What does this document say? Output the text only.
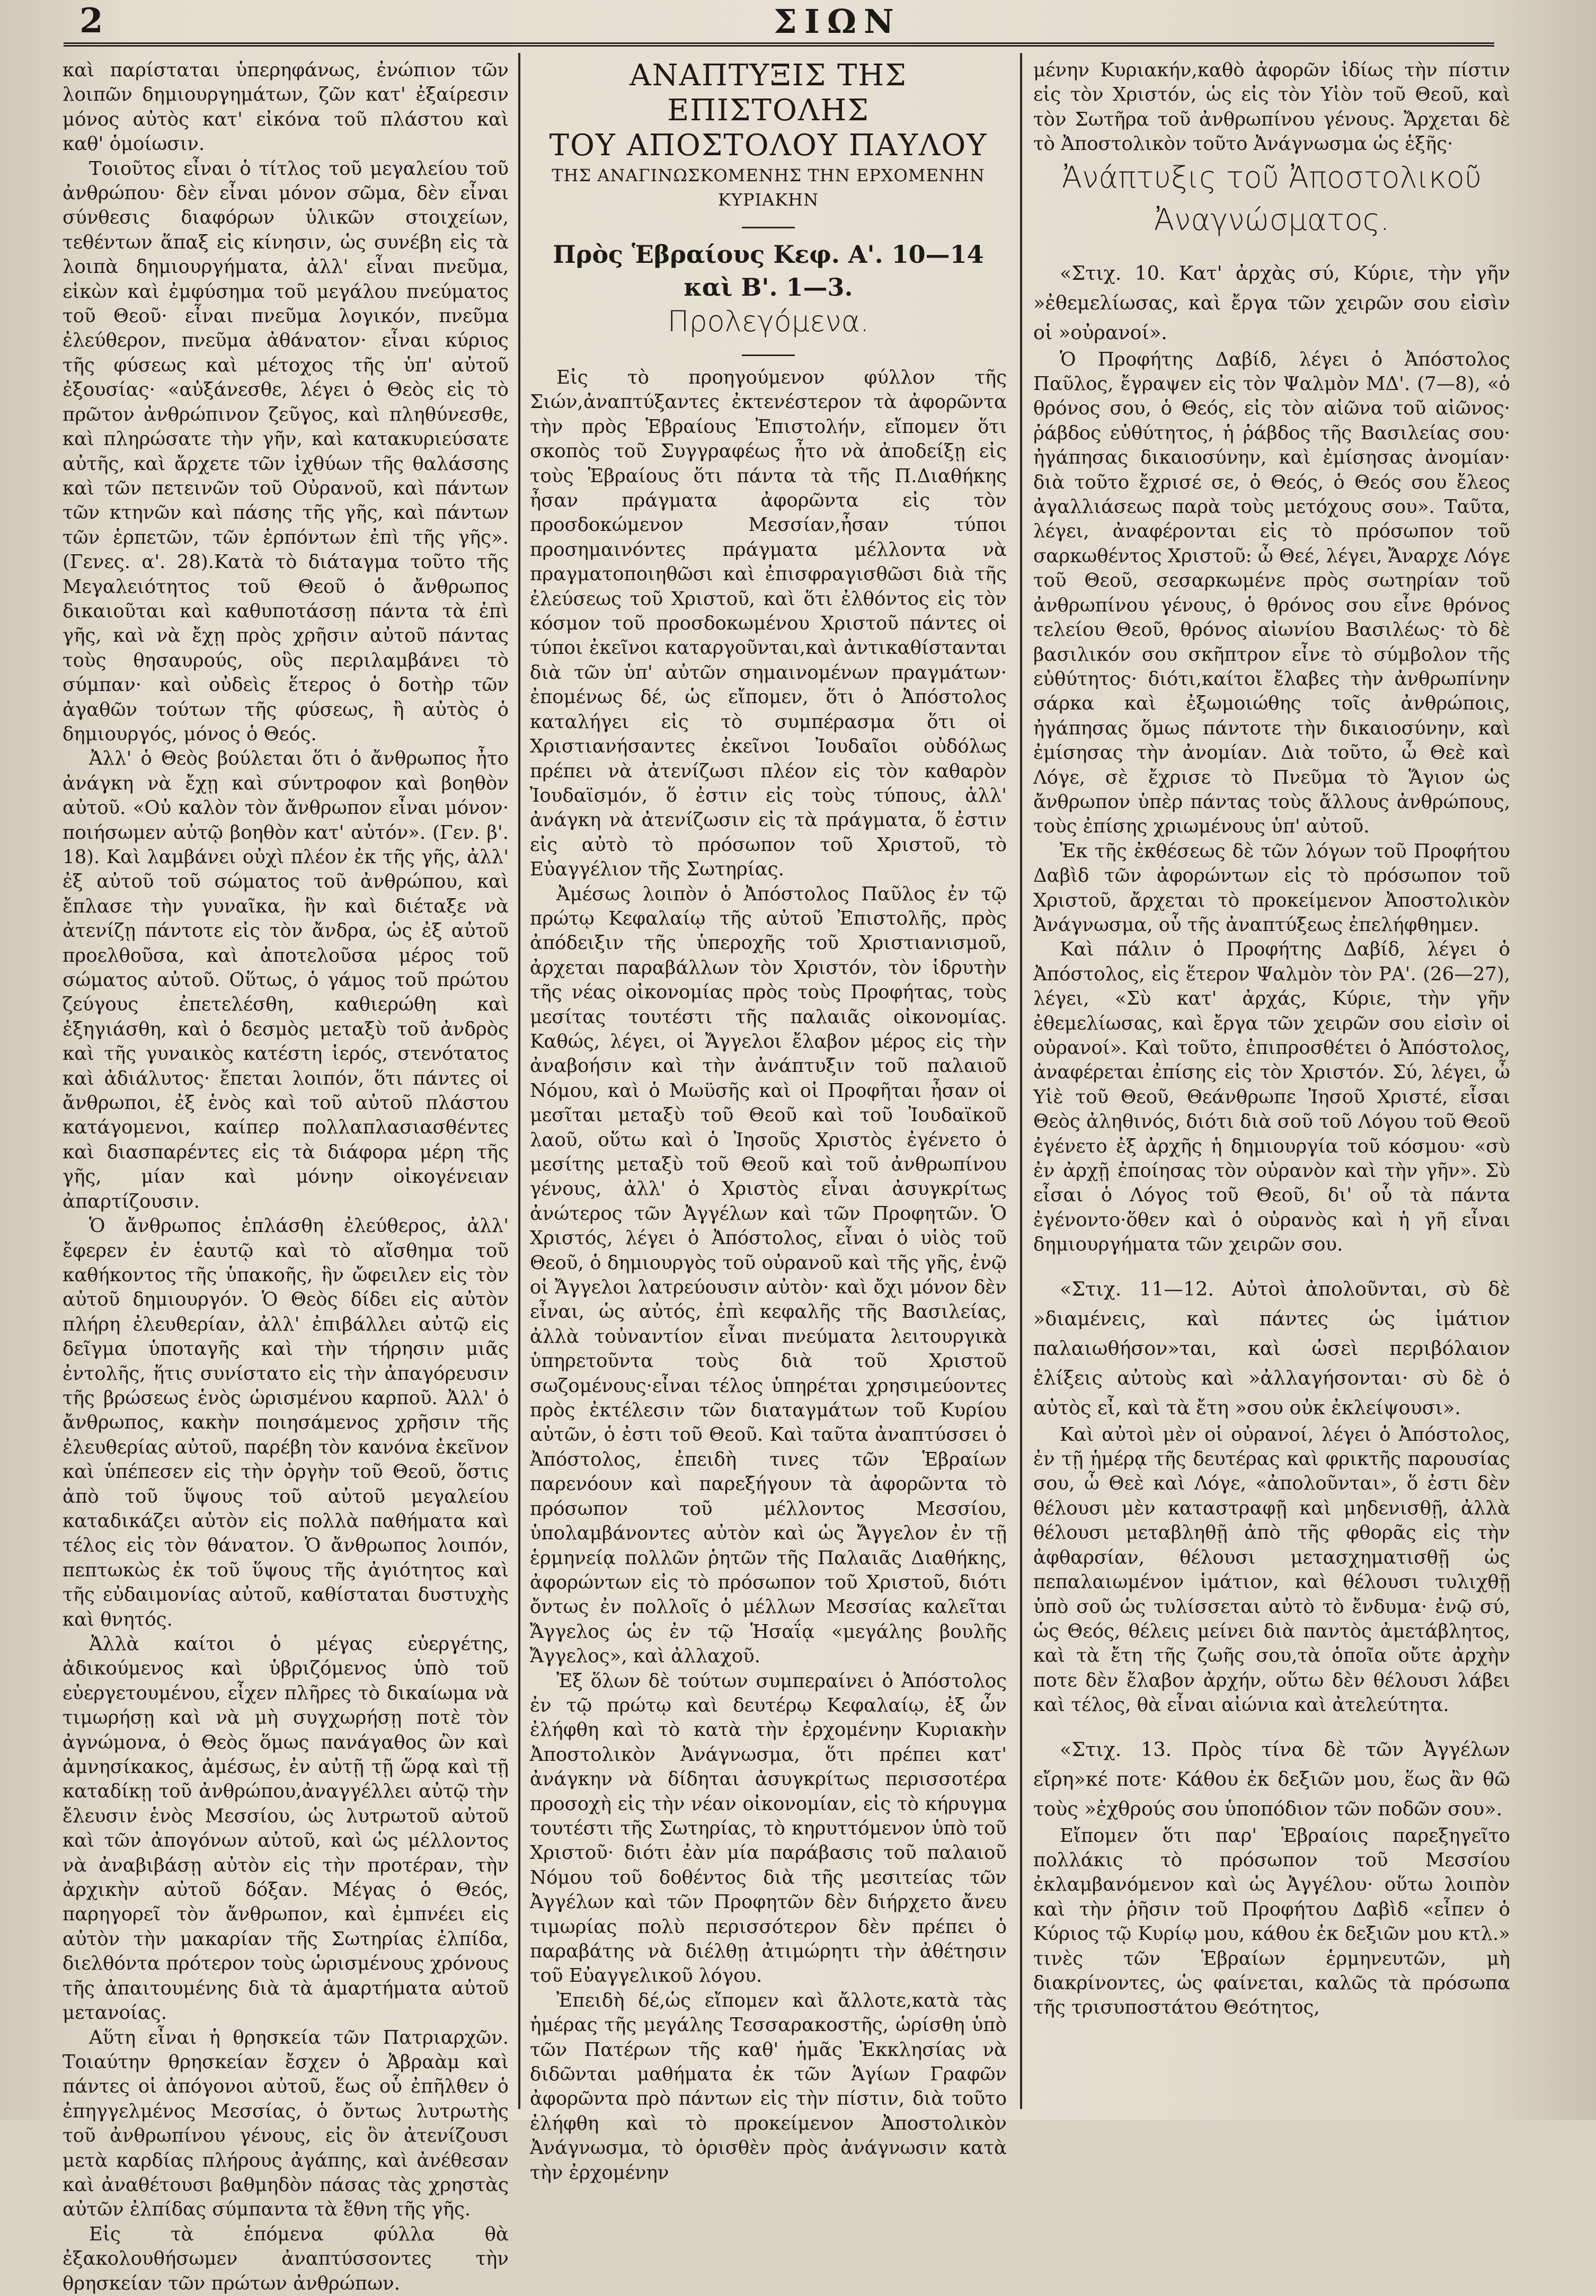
2	ΣΙΩΝ

καὶ παρίσταται ὑπερηφάνως, ἐνώπιον τῶν λοιπῶν δημιουργημάτων, ζῶν κατ' ἐξαίρεσιν μόνος αὐτὸς κατ' εἰκόνα τοῦ πλάστου καὶ καθ' ὁμοίωσιν.

Τοιοῦτος εἶναι ὁ τίτλος τοῦ μεγαλείου τοῦ ἀνθρώπου· δὲν εἶναι μόνον σῶμα, δὲν εἶναι σύνθεσις διαφόρων ὑλικῶν στοιχείων, τεθέντων ἅπαξ εἰς κίνησιν, ὡς συνέβη εἰς τὰ λοιπὰ δημιουργήματα, ἀλλ' εἶναι πνεῦμα, εἰκὼν καὶ ἐμφύσημα τοῦ μεγάλου πνεύματος τοῦ Θεοῦ· εἶναι πνεῦμα λογικόν, πνεῦμα ἐλεύθερον, πνεῦμα ἀθάνατον· εἶναι κύριος τῆς φύσεως καὶ μέτοχος τῆς ὑπ' αὐτοῦ ἐξουσίας· «αὐξάνεσθε, λέγει ὁ Θεὸς εἰς τὸ πρῶτον ἀνθρώπινον ζεῦγος, καὶ πληθύνεσθε, καὶ πληρώσατε τὴν γῆν, καὶ κατακυριεύσατε αὐτῆς, καὶ ἄρχετε τῶν ἰχθύων τῆς θαλάσσης καὶ τῶν πετεινῶν τοῦ Οὐρανοῦ, καὶ πάντων τῶν κτηνῶν καὶ πάσης τῆς γῆς, καὶ πάντων τῶν ἑρπετῶν, τῶν ἑρπόντων ἐπὶ τῆς γῆς». (Γενες. α'. 28).Κατὰ τὸ διάταγμα τοῦτο τῆς Μεγαλειότητος τοῦ Θεοῦ ὁ ἄνθρωπος δικαιοῦται καὶ καθυποτάσσῃ πάντα τὰ ἐπὶ γῆς, καὶ νὰ ἔχῃ πρὸς χρῆσιν αὐτοῦ πάντας τοὺς θησαυρούς, οὓς περιλαμβάνει τὸ σύμπαν· καὶ οὐδεὶς ἕτερος ὁ δοτὴρ τῶν ἀγαθῶν τούτων τῆς φύσεως, ἢ αὐτὸς ὁ δημιουργός, μόνος ὁ Θεός.

Ἀλλ' ὁ Θεὸς βούλεται ὅτι ὁ ἄνθρωπος ἦτο ἀνάγκη νὰ ἔχῃ καὶ σύντροφον καὶ βοηθὸν αὐτοῦ. «Οὐ καλὸν τὸν ἄνθρωπον εἶναι μόνον· ποιήσωμεν αὐτῷ βοηθὸν κατ' αὐτόν». (Γεν. β'. 18). Καὶ λαμβάνει οὐχὶ πλέον ἐκ τῆς γῆς, ἀλλ' ἐξ αὐτοῦ τοῦ σώματος τοῦ ἀνθρώπου, καὶ ἔπλασε τὴν γυναῖκα, ἣν καὶ διέταξε νὰ ἀτενίζῃ πάντοτε εἰς τὸν ἄνδρα, ὡς ἐξ αὐτοῦ προελθοῦσα, καὶ ἀποτελοῦσα μέρος τοῦ σώματος αὐτοῦ. Οὕτως, ὁ γάμος τοῦ πρώτου ζεύγους ἐπετελέσθη, καθιερώθη καὶ ἐξηγιάσθη, καὶ ὁ δεσμὸς μεταξὺ τοῦ ἀνδρὸς καὶ τῆς γυναικὸς κατέστη ἱερός, στενότατος καὶ ἀδιάλυτος· ἔπεται λοιπόν, ὅτι πάντες οἱ ἄνθρωποι, ἐξ ἑνὸς καὶ τοῦ αὐτοῦ πλάστου κατάγομενοι, καίπερ πολλαπλασιασθέντες καὶ διασπαρέντες εἰς τὰ διάφορα μέρη τῆς γῆς, μίαν καὶ μόνην οἰκογένειαν ἀπαρτίζουσιν.

Ὁ ἄνθρωπος ἐπλάσθη ἐλεύθερος, ἀλλ' ἔφερεν ἐν ἑαυτῷ καὶ τὸ αἴσθημα τοῦ καθήκοντος τῆς ὑπακοῆς, ἣν ὤφειλεν εἰς τὸν αὐτοῦ δημιουργόν. Ὁ Θεὸς δίδει εἰς αὐτὸν πλήρη ἐλευθερίαν, ἀλλ' ἐπιβάλλει αὐτῷ εἰς δεῖγμα ὑποταγῆς καὶ τὴν τήρησιν μιᾶς ἐντολῆς, ἥτις συνίστατο εἰς τὴν ἀπαγόρευσιν τῆς βρώσεως ἑνὸς ὡρισμένου καρποῦ. Ἀλλ' ὁ ἄνθρωπος, κακὴν ποιησάμενος χρῆσιν τῆς ἐλευθερίας αὐτοῦ, παρέβη τὸν κανόνα ἐκεῖνον καὶ ὑπέπεσεν εἰς τὴν ὀργὴν τοῦ Θεοῦ, ὅστις ἀπὸ τοῦ ὕψους τοῦ αὐτοῦ μεγαλείου καταδικάζει αὐτὸν εἰς πολλὰ παθήματα καὶ τέλος εἰς τὸν θάνατον. Ὁ ἄνθρωπος λοιπόν, πεπτωκὼς ἐκ τοῦ ὕψους τῆς ἀγιότητος καὶ τῆς εὐδαιμονίας αὐτοῦ, καθίσταται δυστυχὴς καὶ θνητός.

Ἀλλὰ καίτοι ὁ μέγας εὐεργέτης, ἀδικούμενος καὶ ὑβριζόμενος ὑπὸ τοῦ εὐεργετουμένου, εἶχεν πλῆρες τὸ δικαίωμα νὰ τιμωρήσῃ καὶ νὰ μὴ συγχωρήσῃ ποτὲ τὸν ἀγνώμονα, ὁ Θεὸς ὅμως πανάγαθος ὢν καὶ ἀμνησίκακος, ἀμέσως, ἐν αὐτῇ τῇ ὥρᾳ καὶ τῇ καταδίκῃ τοῦ ἀνθρώπου,ἀναγγέλλει αὐτῷ τὴν ἔλευσιν ἑνὸς Μεσσίου, ὡς λυτρωτοῦ αὐτοῦ καὶ τῶν ἀπογόνων αὐτοῦ, καὶ ὡς μέλλοντος νὰ ἀναβιβάσῃ αὐτὸν εἰς τὴν προτέραν, τὴν ἀρχικὴν αὐτοῦ δόξαν. Μέγας ὁ Θεός, παρηγορεῖ τὸν ἄνθρωπον, καὶ ἐμπνέει εἰς αὐτὸν τὴν μακαρίαν τῆς Σωτηρίας ἐλπίδα, διελθόντα πρότερον τοὺς ὡρισμένους χρόνους τῆς ἀπαιτουμένης διὰ τὰ ἁμαρτήματα αὐτοῦ μετανοίας.

Αὕτη εἶναι ἡ θρησκεία τῶν Πατριαρχῶν. Τοιαύτην θρησκείαν ἔσχεν ὁ Ἀβραὰμ καὶ πάντες οἱ ἀπόγονοι αὐτοῦ, ἕως οὗ ἐπῆλθεν ὁ ἐπηγγελμένος Μεσσίας, ὁ ὄντως λυτρωτὴς τοῦ ἀνθρωπίνου γένους, εἰς ὃν ἀτενίζουσι μετὰ καρδίας πλήρους ἀγάπης, καὶ ἀνέθεσαν καὶ ἀναθέτουσι βαθμηδὸν πάσας τὰς χρηστὰς αὐτῶν ἐλπίδας σύμπαντα τὰ ἔθνη τῆς γῆς.

Εἰς τὰ ἑπόμενα φύλλα θὰ ἐξακολουθήσωμεν ἀναπτύσσοντες τὴν θρησκείαν τῶν πρώτων ἀνθρώπων.

ΑΝΑΠΤΥΞΙΣ ΤΗΣ ΕΠΙΣΤΟΛΗΣ

ΤΟΥ ΑΠΟΣΤΟΛΟΥ ΠΑΥΛΟΥ

ΤΗΣ ΑΝΑΓΙΝΩΣΚΟΜΕΝΗΣ ΤΗΝ ΕΡΧΟΜΕΝΗΝ ΚΥΡΙΑΚΗΝ

Πρὸς Ἑβραίους Κεφ. Α'. 10—14

καὶ Β'. 1—3.

Προλεγόμενα.

Εἰς τὸ προηγούμενον φύλλον τῆς Σιών,ἀναπτύξαντες ἐκτενέστερον τὰ ἀφορῶντα τὴν πρὸς Ἑβραίους Ἐπιστολήν, εἴπομεν ὅτι σκοπὸς τοῦ Συγγραφέως ἦτο νὰ ἀποδείξῃ εἰς τοὺς Ἑβραίους ὅτι πάντα τὰ τῆς Π.Διαθήκης ἦσαν πράγματα ἀφορῶντα εἰς τὸν προσδοκώμενον Μεσσίαν,ἦσαν τύποι προσημαινόντες πράγματα μέλλοντα νὰ πραγματοποιηθῶσι καὶ ἐπισφραγισθῶσι διὰ τῆς ἐλεύσεως τοῦ Χριστοῦ, καὶ ὅτι ἐλθόντος εἰς τὸν κόσμον τοῦ προσδοκωμένου Χριστοῦ πάντες οἱ τύποι ἐκεῖνοι καταργοῦνται,καὶ ἀντικαθίστανται διὰ τῶν ὑπ' αὐτῶν σημαινομένων πραγμάτων· ἐπομένως δέ, ὡς εἴπομεν, ὅτι ὁ Ἀπόστολος καταλήγει εἰς τὸ συμπέρασμα ὅτι οἱ Χριστιανήσαντες ἐκεῖνοι Ἰουδαῖοι οὐδόλως πρέπει νὰ ἀτενίζωσι πλέον εἰς τὸν καθαρὸν Ἰουδαϊσμόν, ὅ ἐστιν εἰς τοὺς τύπους, ἀλλ' ἀνάγκη νὰ ἀτενίζωσιν εἰς τὰ πράγματα, ὅ ἐστιν εἰς αὐτὸ τὸ πρόσωπον τοῦ Χριστοῦ, τὸ Εὐαγγέλιον τῆς Σωτηρίας.

Ἀμέσως λοιπὸν ὁ Ἀπόστολος Παῦλος ἐν τῷ πρώτῳ Κεφαλαίῳ τῆς αὐτοῦ Ἐπιστολῆς, πρὸς ἀπόδειξιν τῆς ὑπεροχῆς τοῦ Χριστιανισμοῦ, ἀρχεται παραβάλλων τὸν Χριστόν, τὸν ἱδρυτὴν τῆς νέας οἰκονομίας πρὸς τοὺς Προφήτας, τοὺς μεσίτας τουτέστι τῆς παλαιᾶς οἰκονομίας. Καθώς, λέγει, οἱ Ἄγγελοι ἔλαβον μέρος εἰς τὴν ἀναβοήσιν καὶ τὴν ἀνάπτυξιν τοῦ παλαιοῦ Νόμου, καὶ ὁ Μωϋσῆς καὶ οἱ Προφῆται ἦσαν οἱ μεσῖται μεταξὺ τοῦ Θεοῦ καὶ τοῦ Ἰουδαϊκοῦ λαοῦ, οὕτω καὶ ὁ Ἰησοῦς Χριστὸς ἐγένετο ὁ μεσίτης μεταξὺ τοῦ Θεοῦ καὶ τοῦ ἀνθρωπίνου γένους, ἀλλ' ὁ Χριστὸς εἶναι ἀσυγκρίτως ἀνώτερος τῶν Ἀγγέλων καὶ τῶν Προφητῶν. Ὁ Χριστός, λέγει ὁ Ἀπόστολος, εἶναι ὁ υἱὸς τοῦ Θεοῦ, ὁ δημιουργὸς τοῦ οὐρανοῦ καὶ τῆς γῆς, ἐνῷ οἱ Ἄγγελοι λατρεύουσιν αὐτὸν· καὶ ὄχι μόνον δὲν εἶναι, ὡς αὐτός, ἐπὶ κεφαλῆς τῆς Βασιλείας, ἀλλὰ τοὐναντίον εἶναι πνεύματα λειτουργικὰ ὑπηρετοῦντα τοὺς διὰ τοῦ Χριστοῦ σωζομένους·εἶναι τέλος ὑπηρέται χρησιμεύοντες πρὸς ἐκτέλεσιν τῶν διαταγμάτων τοῦ Κυρίου αὐτῶν, ὁ ἐστι τοῦ Θεοῦ. Καὶ ταῦτα ἀναπτύσσει ὁ Ἀπόστολος, ἐπειδὴ τινες τῶν Ἑβραίων παρενόουν καὶ παρεξήγουν τὰ ἀφορῶντα τὸ πρόσωπον τοῦ μέλλοντος Μεσσίου, ὑπολαμβάνοντες αὐτὸν καὶ ὡς Ἄγγελον ἐν τῇ ἑρμηνείᾳ πολλῶν ῥητῶν τῆς Παλαιᾶς Διαθήκης, ἀφορώντων εἰς τὸ πρόσωπον τοῦ Χριστοῦ, διότι ὄντως ἐν πολλοῖς ὁ μέλλων Μεσσίας καλεῖται Ἄγγελος ὡς ἐν τῷ Ἡσαΐᾳ «μεγάλης βουλῆς Ἄγγελος», καὶ ἀλλαχοῦ.

Ἐξ ὅλων δὲ τούτων συμπεραίνει ὁ Ἀπόστολος ἐν τῷ πρώτῳ καὶ δευτέρῳ Κεφαλαίῳ, ἐξ ὧν ἐλήφθη καὶ τὸ κατὰ τὴν ἐρχομένην Κυριακὴν Ἀποστολικὸν Ἀνάγνωσμα, ὅτι πρέπει κατ' ἀνάγκην νὰ δίδηται ἀσυγκρίτως περισσοτέρα προσοχὴ εἰς τὴν νέαν οἰκονομίαν, εἰς τὸ κήρυγμα τουτέστι τῆς Σωτηρίας, τὸ κηρυττόμενον ὑπὸ τοῦ Χριστοῦ· διότι ἐὰν μία παράβασις τοῦ παλαιοῦ Νόμου τοῦ δοθέντος διὰ τῆς μεσιτείας τῶν Ἀγγέλων καὶ τῶν Προφητῶν δὲν διήρχετο ἄνευ τιμωρίας πολὺ περισσότερον δὲν πρέπει ὁ παραβάτης νὰ διέλθῃ ἀτιμώρητι τὴν ἀθέτησιν τοῦ Εὐαγγελικοῦ λόγου.

Ἐπειδὴ δέ,ὡς εἴπομεν καὶ ἄλλοτε,κατὰ τὰς ἡμέρας τῆς μεγάλης Τεσσαρακοστῆς, ὡρίσθη ὑπὸ τῶν Πατέρων τῆς καθ' ἡμᾶς Ἐκκλησίας νὰ διδῶνται μαθήματα ἐκ τῶν Ἁγίων Γραφῶν ἀφορῶντα πρὸ πάντων εἰς τὴν πίστιν, διὰ τοῦτο ἐλήφθη καὶ τὸ προκείμενον Ἀποστολικὸν Ἀνάγνωσμα, τὸ ὁρισθὲν πρὸς ἀνάγνωσιν κατὰ τὴν ἐρχομένην

μένην Κυριακήν,καθὸ ἀφορῶν ἰδίως τὴν πίστιν εἰς τὸν Χριστόν, ὡς εἰς τὸν Υἱὸν τοῦ Θεοῦ, καὶ τὸν Σωτῆρα τοῦ ἀνθρωπίνου γένους. Ἄρχεται δὲ τὸ Ἀποστολικὸν τοῦτο Ἀνάγνωσμα ὡς ἑξῆς·

Ἀνάπτυξις τοῦ Ἀποστολικοῦ

Ἀναγνώσματος.

«Στιχ. 10. Κατ' ἀρχὰς σύ, Κύριε, τὴν γῆν »ἐθεμελίωσας, καὶ ἔργα τῶν χειρῶν σου εἰσὶν οἱ »οὐρανοί».

Ὁ Προφήτης Δαβίδ, λέγει ὁ Ἀπόστολος Παῦλος, ἔγραψεν εἰς τὸν Ψαλμὸν ΜΔ'. (7—8), «ὁ θρόνος σου, ὁ Θεός, εἰς τὸν αἰῶνα τοῦ αἰῶνος· ῥάβδος εὐθύτητος, ἡ ῥάβδος τῆς Βασιλείας σου· ἠγάπησας δικαιοσύνην, καὶ ἐμίσησας ἀνομίαν· διὰ τοῦτο ἔχρισέ σε, ὁ Θεός, ὁ Θεός σου ἔλεος ἀγαλλιάσεως παρὰ τοὺς μετόχους σου». Ταῦτα, λέγει, ἀναφέρονται εἰς τὸ πρόσωπον τοῦ σαρκωθέντος Χριστοῦ: ὦ Θεέ, λέγει, Ἄναρχε Λόγε τοῦ Θεοῦ, σεσαρκωμένε πρὸς σωτηρίαν τοῦ ἀνθρωπίνου γένους, ὁ θρόνος σου εἶνε θρόνος τελείου Θεοῦ, θρόνος αἰωνίου Βασιλέως· τὸ δὲ βασιλικόν σου σκῆπτρον εἶνε τὸ σύμβολον τῆς εὐθύτητος· διότι,καίτοι ἔλαβες τὴν ἀνθρωπίνην σάρκα καὶ ἐξωμοιώθης τοῖς ἀνθρώποις, ἠγάπησας ὅμως πάντοτε τὴν δικαιοσύνην, καὶ ἐμίσησας τὴν ἀνομίαν. Διὰ τοῦτο, ὦ Θεὲ καὶ Λόγε, σὲ ἔχρισε τὸ Πνεῦμα τὸ Ἅγιον ὡς ἄνθρωπον ὑπὲρ πάντας τοὺς ἄλλους ἀνθρώπους, τοὺς ἐπίσης χριωμένους ὑπ' αὐτοῦ.

Ἐκ τῆς ἐκθέσεως δὲ τῶν λόγων τοῦ Προφήτου Δαβὶδ τῶν ἀφορώντων εἰς τὸ πρόσωπον τοῦ Χριστοῦ, ἄρχεται τὸ προκείμενον Ἀποστολικὸν Ἀνάγνωσμα, οὗ τῆς ἀναπτύξεως ἐπελήφθημεν.

Καὶ πάλιν ὁ Προφήτης Δαβίδ, λέγει ὁ Ἀπόστολος, εἰς ἕτερον Ψαλμὸν τὸν ΡΑ'. (26—27), λέγει, «Σὺ κατ' ἀρχάς, Κύριε, τὴν γῆν ἐθεμελίωσας, καὶ ἔργα τῶν χειρῶν σου εἰσὶν οἱ οὐρανοί». Καὶ τοῦτο, ἐπιπροσθέτει ὁ Ἀπόστολος, ἀναφέρεται ἐπίσης εἰς τὸν Χριστόν. Σύ, λέγει, ὦ Υἱὲ τοῦ Θεοῦ, Θεάνθρωπε Ἰησοῦ Χριστέ, εἶσαι Θεὸς ἀληθινός, διότι διὰ σοῦ τοῦ Λόγου τοῦ Θεοῦ ἐγένετο ἐξ ἀρχῆς ἡ δημιουργία τοῦ κόσμου· «σὺ ἐν ἀρχῇ ἐποίησας τὸν οὐρανὸν καὶ τὴν γῆν». Σὺ εἶσαι ὁ Λόγος τοῦ Θεοῦ, δι' οὗ τὰ πάντα ἐγένοντο·ὅθεν καὶ ὁ οὐρανὸς καὶ ἡ γῆ εἶναι δημιουργήματα τῶν χειρῶν σου.

«Στιχ. 11—12. Αὐτοὶ ἀπολοῦνται, σὺ δὲ »διαμένεις, καὶ πάντες ὡς ἱμάτιον παλαιωθήσον»ται, καὶ ὡσεὶ περιβόλαιον ἑλίξεις αὐτοὺς καὶ »ἀλλαγήσονται· σὺ δὲ ὁ αὐτὸς εἶ, καὶ τὰ ἔτη »σου οὐκ ἐκλείψουσι».

Καὶ αὐτοὶ μὲν οἱ οὐρανοί, λέγει ὁ Ἀπόστολος, ἐν τῇ ἡμέρᾳ τῆς δευτέρας καὶ φρικτῆς παρουσίας σου, ὦ Θεὲ καὶ Λόγε, «ἀπολοῦνται», ὅ ἐστι δὲν θέλουσι μὲν καταστραφῇ καὶ μηδενισθῇ, ἀλλὰ θέλουσι μεταβληθῇ ἀπὸ τῆς φθορᾶς εἰς τὴν ἀφθαρσίαν, θέλουσι μετασχηματισθῇ ὡς πεπαλαιωμένον ἱμάτιον, καὶ θέλουσι τυλιχθῇ ὑπὸ σοῦ ὡς τυλίσσεται αὐτὸ τὸ ἔνδυμα· ἐνῷ σύ, ὡς Θεός, θέλεις μείνει διὰ παντὸς ἀμετάβλητος, καὶ τὰ ἔτη τῆς ζωῆς σου,τὰ ὁποῖα οὔτε ἀρχὴν ποτε δὲν ἔλαβον ἀρχήν, οὕτω δὲν θέλουσι λάβει καὶ τέλος, θὰ εἶναι αἰώνια καὶ ἀτελεύτητα.

«Στιχ. 13. Πρὸς τίνα δὲ τῶν Ἀγγέλων εἴρη»κέ ποτε· Κάθου ἐκ δεξιῶν μου, ἕως ἂν θῶ τοὺς »ἐχθρούς σου ὑποπόδιον τῶν ποδῶν σου».

Εἴπομεν ὅτι παρ' Ἑβραίοις παρεξηγεῖτο πολλάκις τὸ πρόσωπον τοῦ Μεσσίου ἐκλαμβανόμενον καὶ ὡς Ἀγγέλου· οὕτω λοιπὸν καὶ τὴν ῥῆσιν τοῦ Προφήτου Δαβὶδ «εἶπεν ὁ Κύριος τῷ Κυρίῳ μου, κάθου ἐκ δεξιῶν μου κτλ.» τινὲς τῶν Ἑβραίων ἑρμηνευτῶν, μὴ διακρίνοντες, ὡς φαίνεται, καλῶς τὰ πρόσωπα τῆς τρισυποστάτου Θεότητος,
